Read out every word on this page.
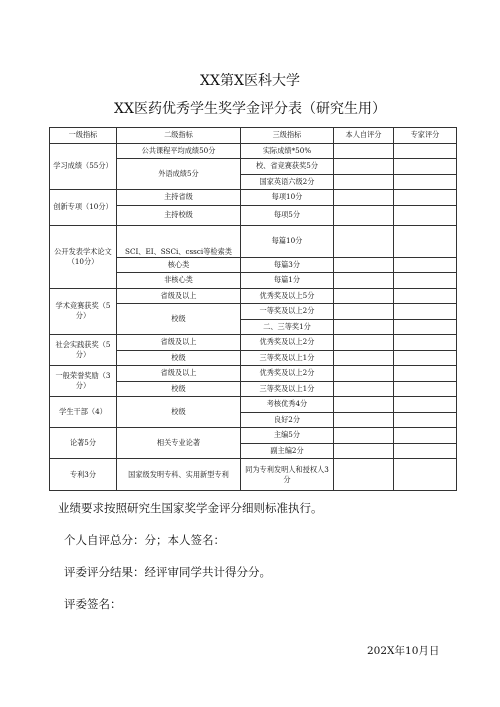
XX第X医科大学
XX医药优秀学生奖学金评分表（研究生用）
一级指标	二级指标	三级指标	本人自评分	专家评分
学习成绩（55分）	公共课程平均成绩50分	实际成绩*50%		
	外语成绩5分	校、省竞赛获奖5分		
		国家英语六级2分		
创新专项（10分）	主持省级	每项10分		
	主持校级	每项5分		
公开发表学术论文（10分）	SCI、EI、SSCi、cssci等检索类	每篇10分		
	核心类	每篇3分		
	非核心类	每篇1分		
学术竞赛获奖（5分）	省级及以上	优秀奖及以上5分		
	校级	一等奖及以上2分		
		二、三等奖1分		
社会实践获奖（5分）	省级及以上	优秀奖及以上2分		
	校级	三等奖及以上1分		
一般荣誉奖励（3分）	省级及以上	优秀奖及以上2分		
	校级	三等奖及以上1分		
学生干部（4）	校级	考核优秀4分		
		良好2分		
论著5分	相关专业论著	主编5分		
		副主编2分		
专利3分	国家级发明专科、实用新型专利	同为专利发明人和授权人3分		
业绩要求按照研究生国家奖学金评分细则标准执行。
个人自评总分：分；本人签名：
评委评分结果：经评审同学共计得分分。
评委签名：
202X年10月日
